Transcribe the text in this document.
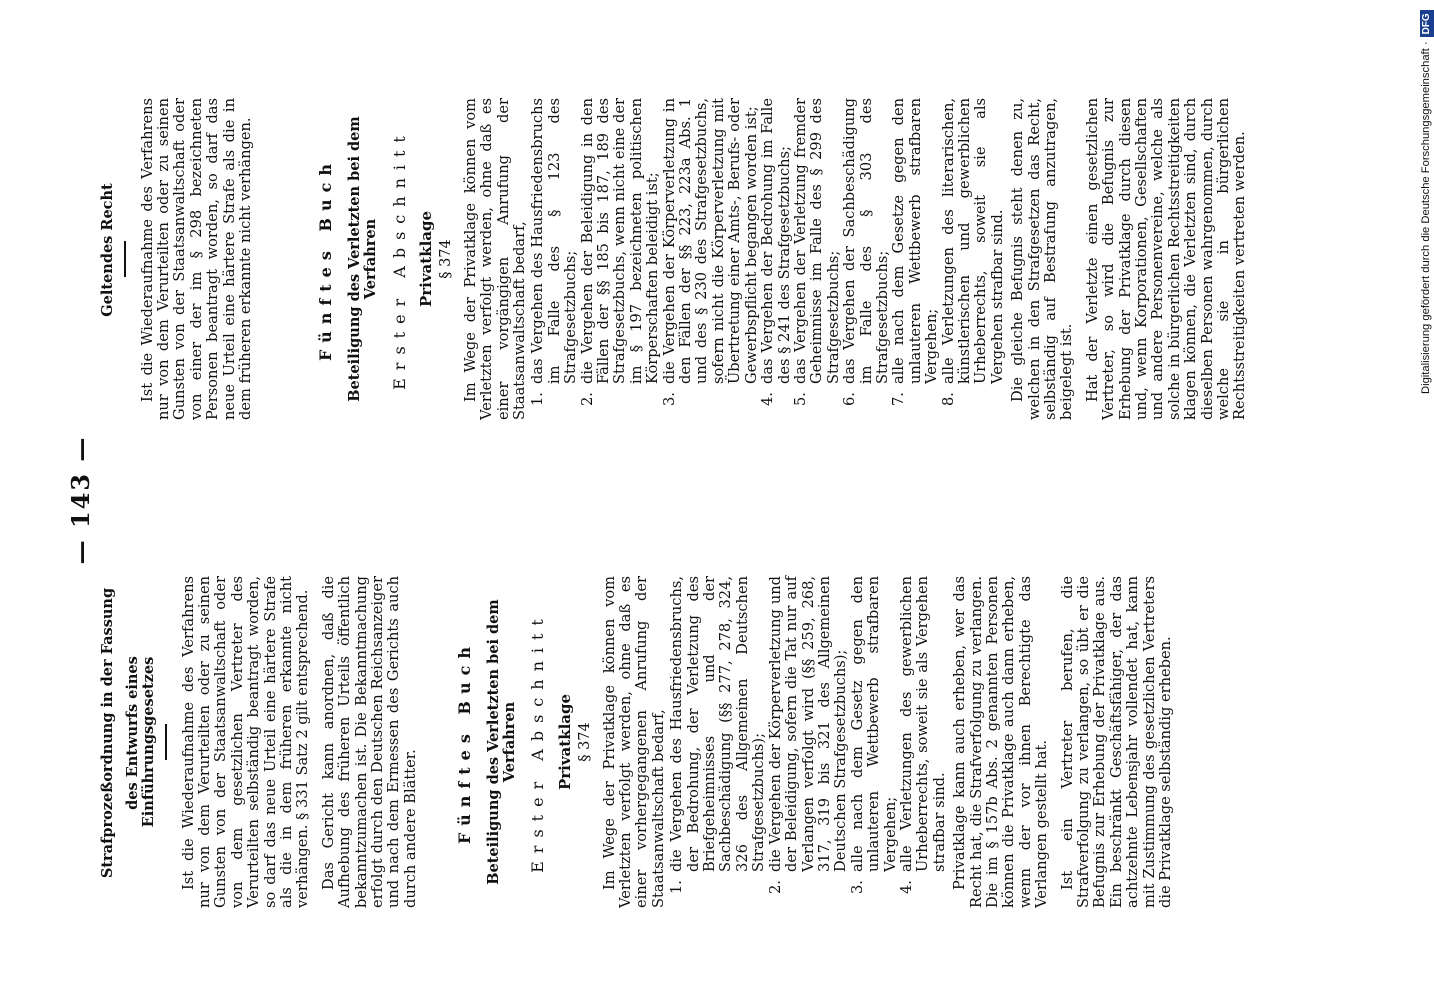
— 143 —

Strafprozeßordnung in der Fassung des Entwurfs eines Einführungsgesetzes Ist die Wiederaufnahme des Verfahrens nur von dem Verurteilten oder zu seinen Gunsten von der Staatsanwaltschaft oder von dem gesetzlichen Vertreter des Verurteilten selbständig beantragt worden, so darf das neue Urteil eine härtere Strafe als die in dem früheren erkannte nicht verhängen. § 331 Satz 2 gilt entsprechend. Das Gericht kann anordnen, daß die Aufhebung des früheren Urteils öffentlich bekanntzumachen ist. Die Bekanntmachung erfolgt durch den Deutschen Reichsanzeiger und nach dem Ermessen des Gerichts auch durch andere Blätter. Fünftes Buch Beteiligung des Verletzten bei dem Verfahren Erster Abschnitt Privatklage § 374 Im Wege der Privatklage können vom Verletzten verfolgt werden, ohne daß es einer vorhergegangenen Anrufung der Staatsanwaltschaft bedarf, 1.
die Vergehen des Hausfriedensbruchs, der Bedrohung, der Verletzung des Briefgeheimnisses und der Sachbeschädigung (§§ 277, 278, 324, 326 des Allgemeinen Deutschen Strafgesetzbuchs);
2.
die Vergehen der Körperverletzung und der Beleidigung, sofern die Tat nur auf Verlangen verfolgt wird (§§ 259, 268, 317, 319 bis 321 des Allgemeinen Deutschen Strafgesetzbuchs);
3.
alle nach dem Gesetz gegen den unlauteren Wettbewerb strafbaren Vergehen;
4.
alle Verletzungen des gewerblichen Urheberrechts, soweit sie als Vergehen strafbar sind. Privatklage kann auch erheben, wer das Recht hat, die Strafverfolgung zu verlangen. Die im § 157b Abs. 2 genannten Personen können die Privatklage auch dann erheben, wenn der vor ihnen Berechtigte das Verlangen gestellt hat. Ist ein Vertreter berufen, die Strafverfolgung zu verlangen, so übt er die Befugnis zur Erhebung der Privatklage aus. Ein beschränkt Geschäftsfähiger, der das achtzehnte Lebensjahr vollendet hat, kann mit Zustimmung des gesetzlichen Vertreters die Privatklage selbständig erheben.

Geltendes Recht Ist die Wiederaufnahme des Verfahrens nur von dem Verurteilten oder zu seinen Gunsten von der Staatsanwaltschaft oder von einer der im § 298 bezeichneten Personen beantragt worden, so darf das neue Urteil eine härtere Strafe als die in dem früheren erkannte nicht verhängen.	Fünftes Buch Beteiligung des Verletzten bei dem Verfahren Erster Abschnitt Privatklage § 374 Im Wege der Privatklage können vom Verletzten verfolgt werden, ohne daß es einer vorgängigen Anrufung der Staatsanwaltschaft bedarf, 1.
das Vergehen des Hausfriedensbruchs im Falle des § 123 des Strafgesetzbuchs;
2.
die Vergehen der Beleidigung in den Fällen der §§ 185 bis 187, 189 des Strafgesetzbuchs, wenn nicht eine der im § 197 bezeichneten politischen Körperschaften beleidigt ist;
3.
die Vergehen der Körperverletzung in den Fällen der §§ 223, 223a Abs. 1 und des § 230 des Strafgesetzbuchs, sofern nicht die Körperverletzung mit Übertretung einer Amts-, Berufs- oder Gewerbspflicht begangen worden ist;
4.
das Vergehen der Bedrohung im Falle des § 241 des Strafgesetzbuchs;
5.
das Vergehen der Verletzung fremder Geheimnisse im Falle des § 299 des Strafgesetzbuchs;
6.
das Vergehen der Sachbeschädigung im Falle des § 303 des Strafgesetzbuchs;
7.
alle nach dem Gesetze gegen den unlauteren Wettbewerb strafbaren Vergehen;
8.
alle Verletzungen des literarischen, künstlerischen und gewerblichen Urheberrechts, soweit sie als Vergehen strafbar sind. Die gleiche Befugnis steht denen zu, welchen in den Strafgesetzen das Recht, selbständig auf Bestrafung anzutragen, beigelegt ist. Hat der Verletzte einen gesetzlichen Vertreter, so wird die Befugnis zur Erhebung der Privatklage durch diesen und, wenn Korporationen, Gesellschaften und andere Personenvereine, welche als solche in bürgerlichen Rechtsstreitigkeiten klagen können, die Verletzten sind, durch dieselben Personen wahrgenommen, durch welche sie in bürgerlichen Rechtsstreitigkeiten vertreten werden.	Digitalisierung gefördert durch die Deutsche Forschungsgemeinschaft ·DFG
